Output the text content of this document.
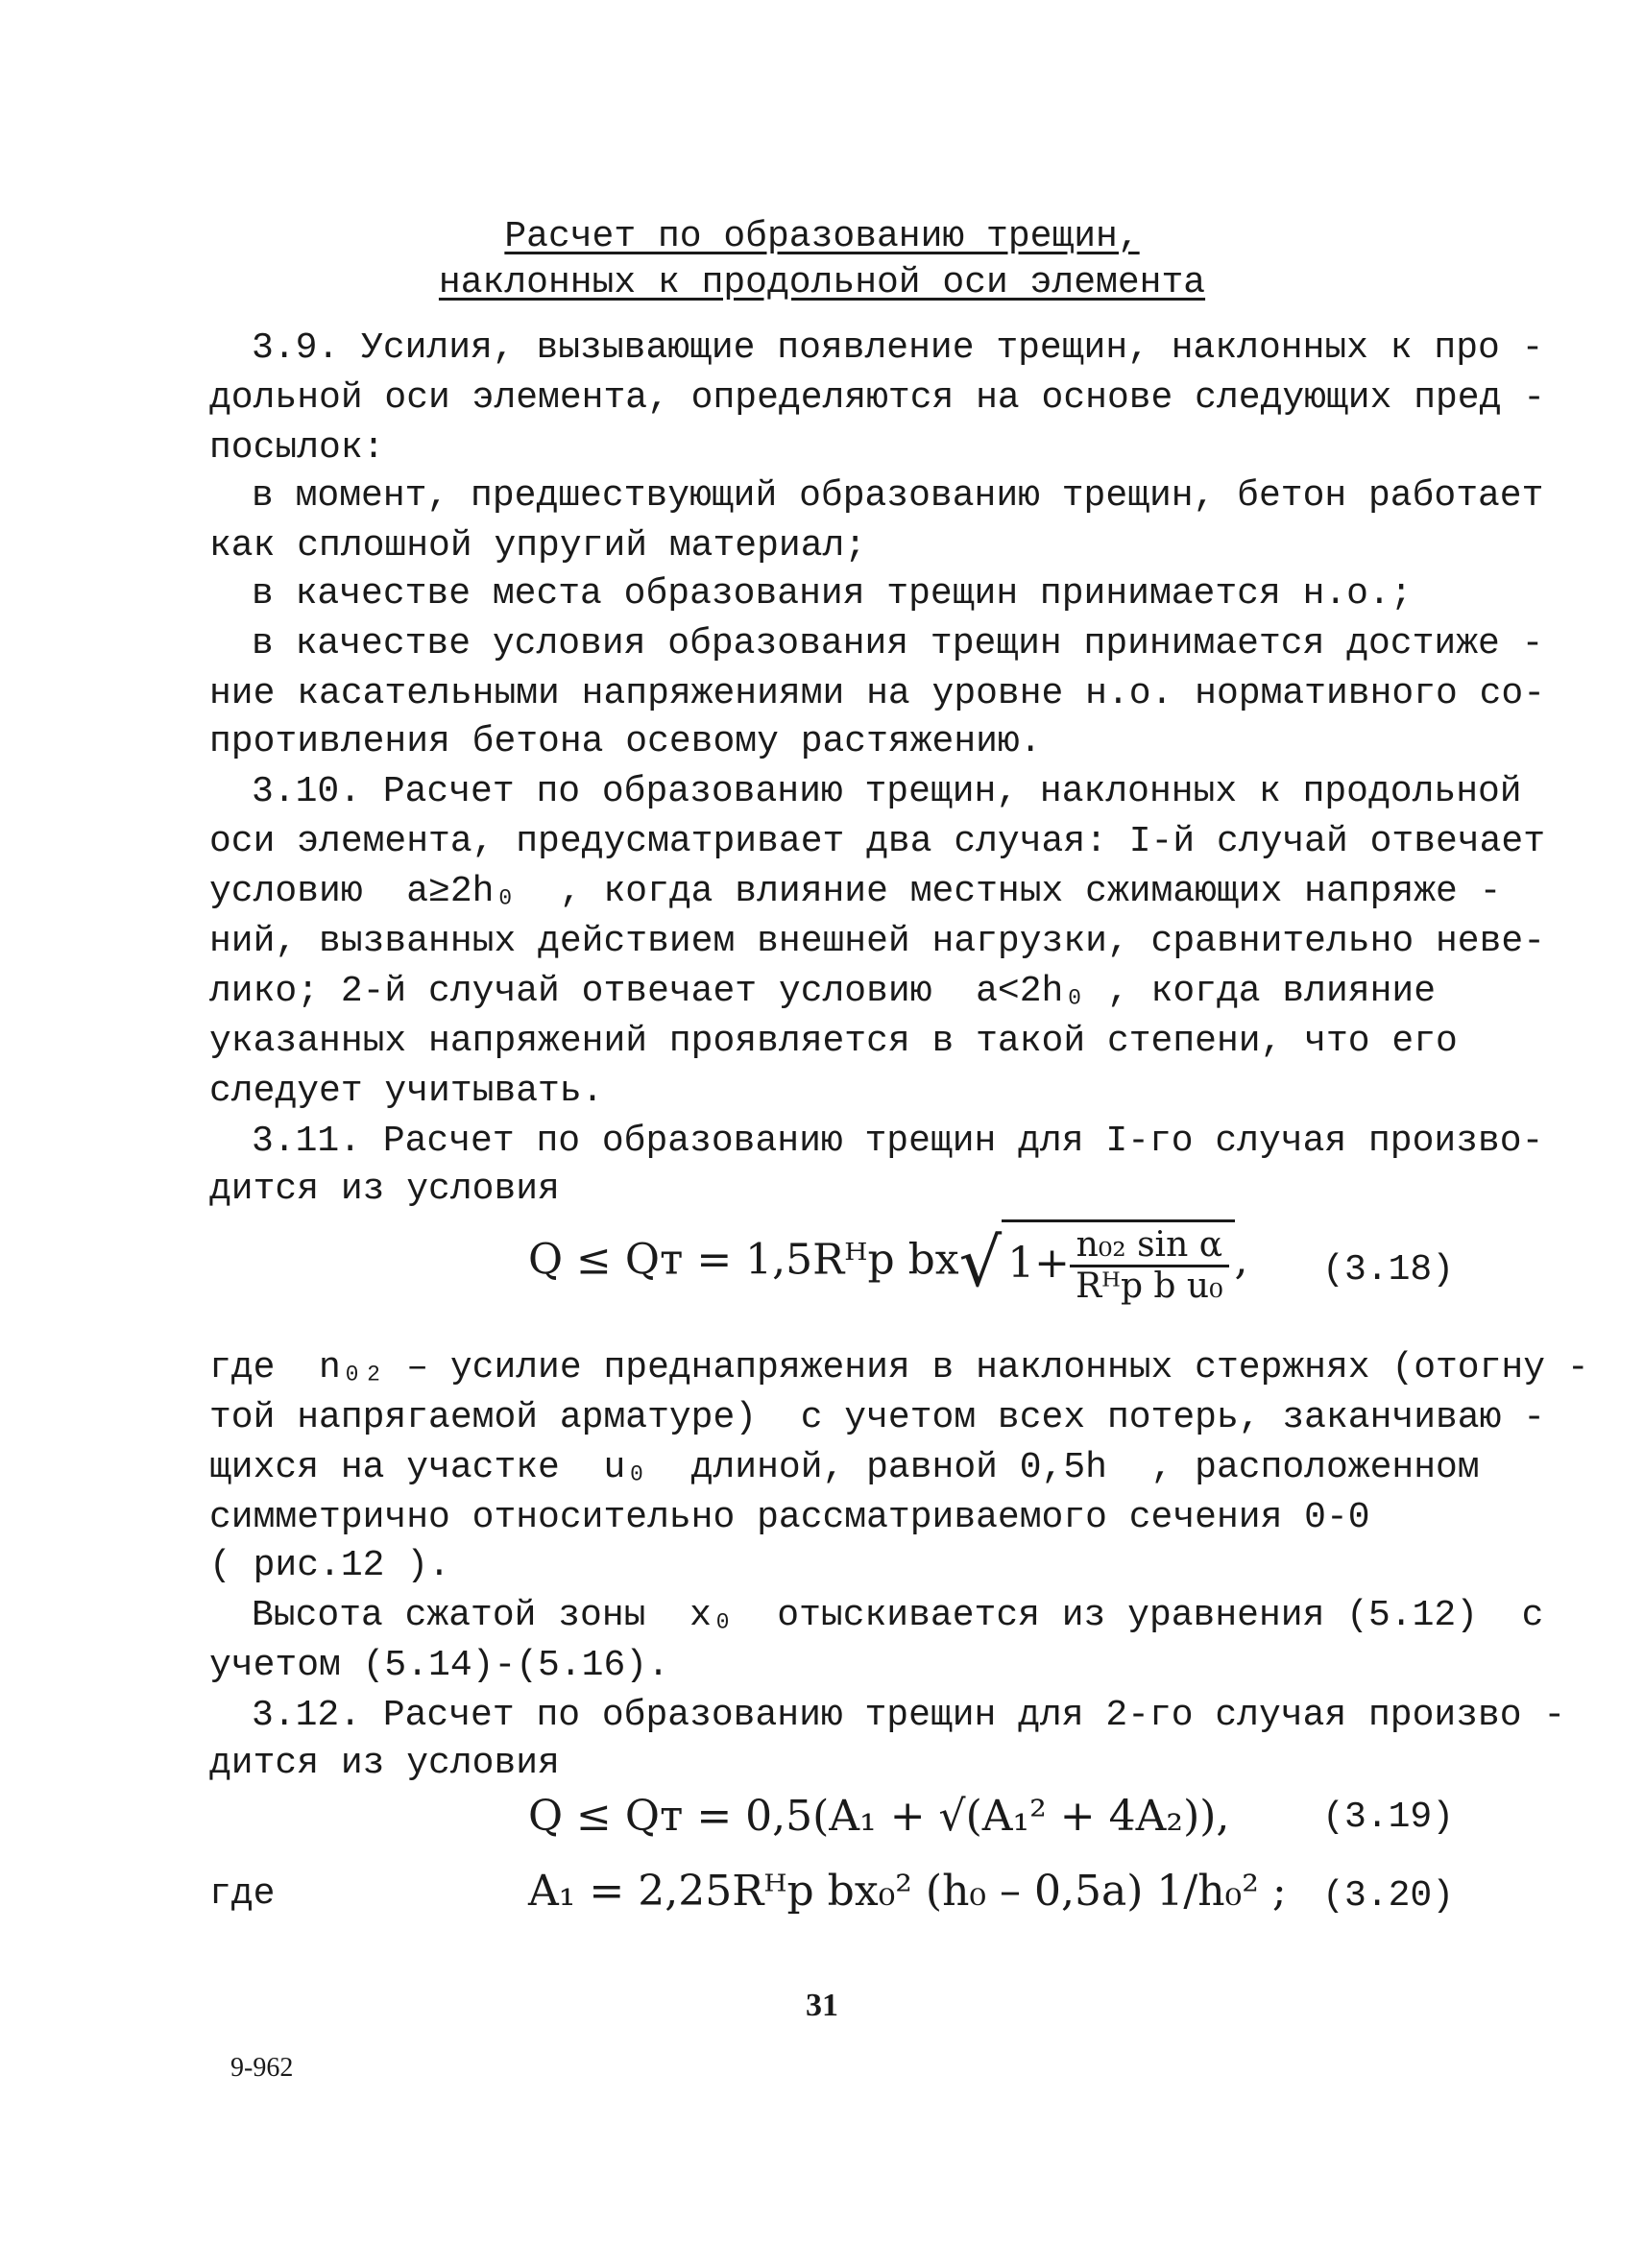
Расчет по образованию трещин,
наклонных к продольной оси элемента
3.9. Усилия, вызывающие появление трещин, наклонных к про -
дольной оси элемента, определяются на основе следующих пред -
посылок:
в момент, предшествующий образованию трещин, бетон работает
как сплошной упругий материал;
в качестве места образования трещин принимается н.о.;
в качестве условия образования трещин принимается достиже -
ние касательными напряжениями на уровне н.о. нормативного со-
противления бетона осевому растяжению.
3.10. Расчет по образованию трещин, наклонных к продольной
оси элемента, предусматривает два случая: I-й случай отвечает
условию  a≥2h₀  , когда влияние местных сжимающих напряже -
ний, вызванных действием внешней нагрузки, сравнительно неве-
лико; 2-й случай отвечает условию  a<2h₀ , когда влияние
указанных напряжений проявляется в такой степени, что его
следует учитывать.
3.11. Расчет по образованию трещин для I-го случая произво-
дится из условия
Q ≤ Qт = 1,5Rᴴр bx√ $1+ \frac{\text{n₀₂ sin α}}{\text{Rᴴр b u₀}}$ , (3.18)
где  n₀₂ – усилие преднапряжения в наклонных стержнях (отогну -
той напрягаемой арматуре)  с учетом всех потерь, заканчиваю -
щихся на участке  u₀  длиной, равной 0,5h  , расположенном
симметрично относительно рассматриваемого сечения 0-0
( рис.12 ).
Высота сжатой зоны  x₀  отыскивается из уравнения (5.12)  с
учетом (5.14)-(5.16).
3.12. Расчет по образованию трещин для 2-го случая произво -
дится из условия
Q ≤ Qт = 0,5(A₁ + √(A₁² + 4A₂)),	(3.19)
где	A₁ = 2,25Rᴴр bx₀² (h₀ – 0,5a) 1/h₀² ; (3.20)
31
9-962
